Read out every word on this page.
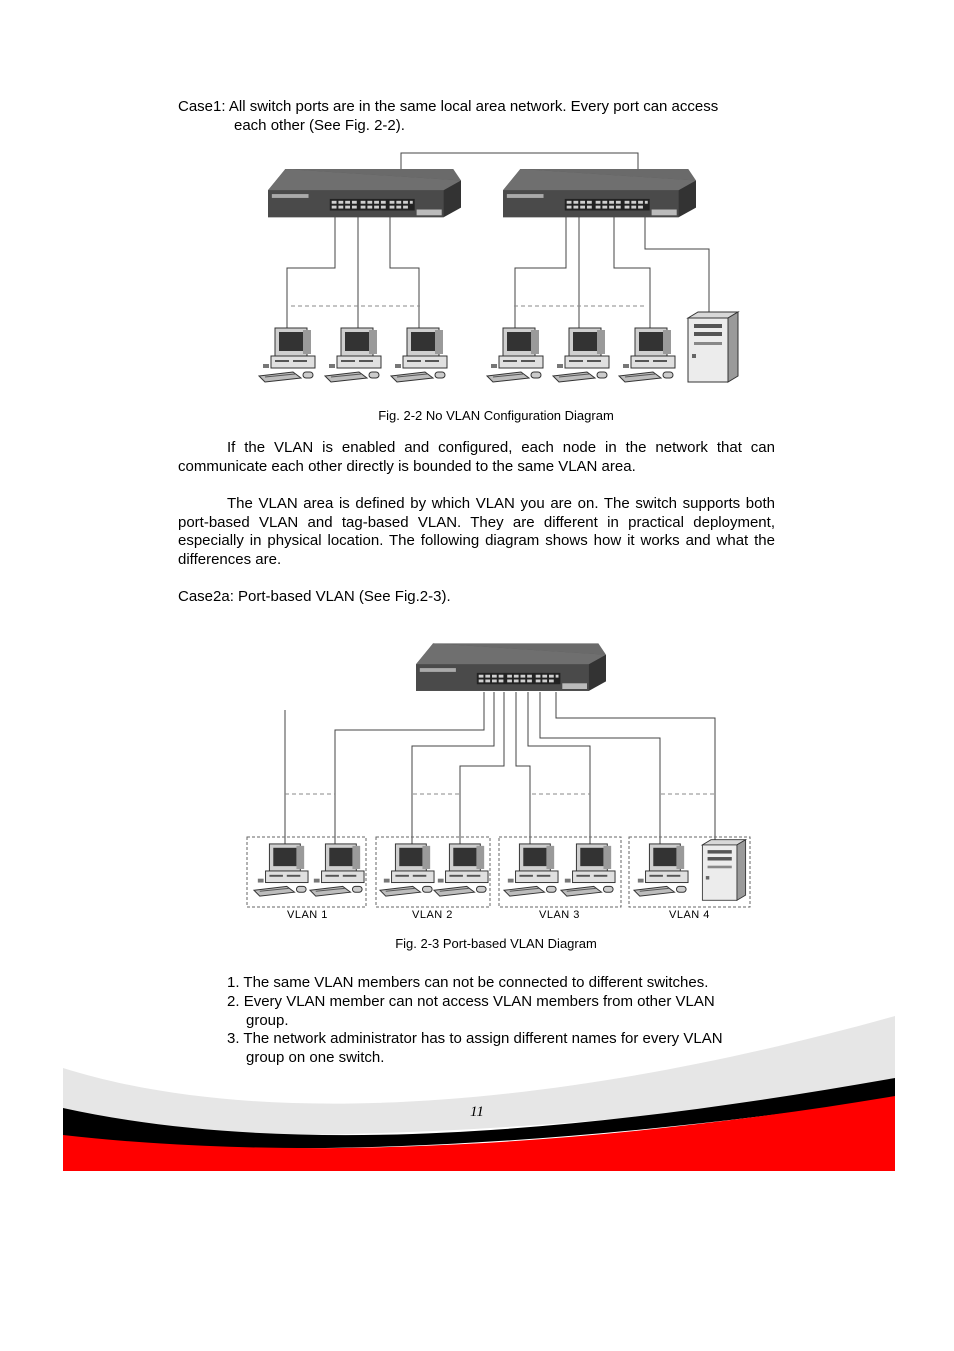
Case1: All switch ports are in the same local area network. Every port can access
each other (See Fig. 2-2).
Fig. 2-2 No VLAN Configuration Diagram
If the VLAN is enabled and configured, each node in the network that can communicate each other directly is bounded to the same VLAN area.
The VLAN area is defined by which VLAN you are on. The switch supports both port-based VLAN and tag-based VLAN. They are different in practical deployment, especially in physical location. The following diagram shows how it works and what the differences are.
Case2a: Port-based VLAN (See Fig.2-3).
VLAN 1	VLAN 2	VLAN 3	VLAN 4
Fig. 2-3 Port-based VLAN Diagram
1. The same VLAN members can not be connected to different switches.
2. Every VLAN member can not access VLAN members from other VLAN
group.
3. The network administrator has to assign different names for every VLAN
group on one switch.
11
